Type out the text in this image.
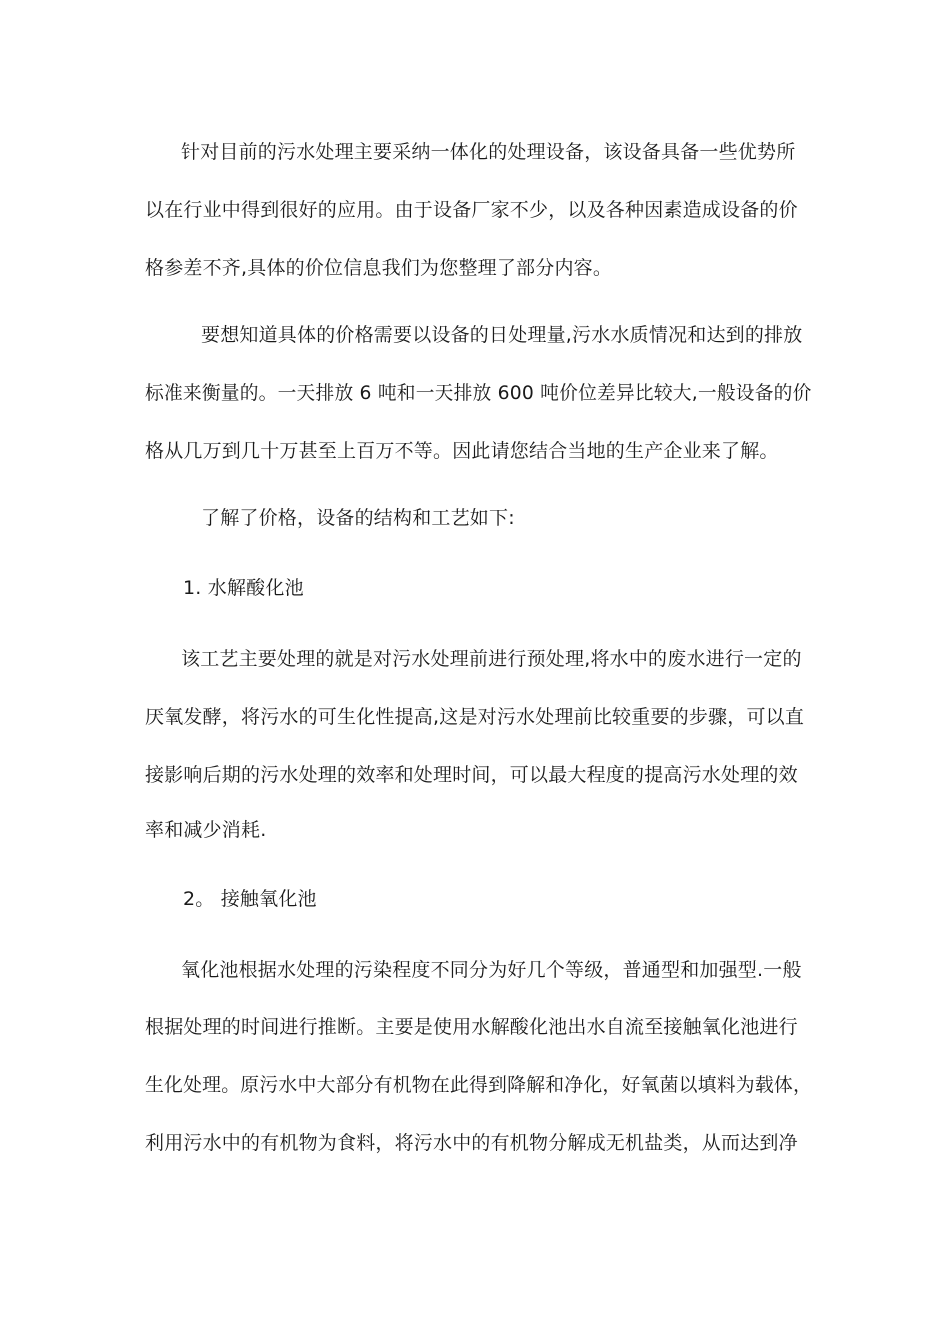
针对目前的污水处理主要采纳一体化的处理设备，该设备具备一些优势所
以在行业中得到很好的应用。由于设备厂家不少，以及各种因素造成设备的价
格参差不齐,具体的价位信息我们为您整理了部分内容。
要想知道具体的价格需要以设备的日处理量,污水水质情况和达到的排放
标准来衡量的。一天排放 6 吨和一天排放 600 吨价位差异比较大,一般设备的价
格从几万到几十万甚至上百万不等。因此请您结合当地的生产企业来了解。
了解了价格，设备的结构和工艺如下:
1. 水解酸化池
该工艺主要处理的就是对污水处理前进行预处理,将水中的废水进行一定的
厌氧发酵，将污水的可生化性提高,这是对污水处理前比较重要的步骤，可以直
接影响后期的污水处理的效率和处理时间，可以最大程度的提高污水处理的效
率和减少消耗.
2。 接触氧化池
氧化池根据水处理的污染程度不同分为好几个等级，普通型和加强型.一般
根据处理的时间进行推断。主要是使用水解酸化池出水自流至接触氧化池进行
生化处理。原污水中大部分有机物在此得到降解和净化，好氧菌以填料为载体，
利用污水中的有机物为食料，将污水中的有机物分解成无机盐类，从而达到净
